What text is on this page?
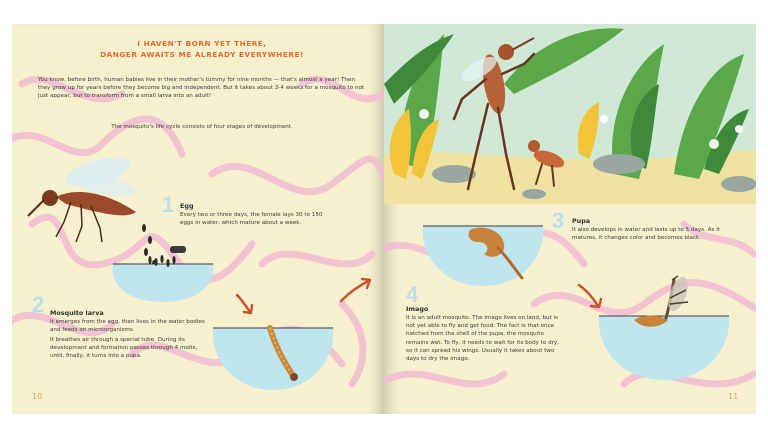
I HAVEN'T BORN YET THERE,
DANGER AWAITS ME ALREADY EVERYWHERE!
You know, before birth, human babies live in their mother's tummy for nine months — that's almost a year! Then they grow up for years before they become big and independent. But it takes about 3-4 weeks for a mosquito to not just appear, but to transform from a small larva into an adult!
The mosquito's life cycle consists of four stages of development.
1 Egg
Every two or three days, the female lays 30 to 150 eggs in water, which mature about a week.
2 Mosquito larva
It emerges from the egg, then lives in the water bodies and feeds on microorganisms.
It breathes air through a special tube. During its development and formation passes through 4 molts, until, finally, it turns into a pupa.
10
3 Pupa
It also develops in water and lasts up to 5 days. As it matures, it changes color and becomes black.
4
Imago
It is an adult mosquito. The imago lives on land, but is not yet able to fly and get food. The fact is that once hatched from the shell of the pupa, the mosquito remains wet. To fly, it needs to wait for its body to dry, so it can spread his wings. Usually it takes about two days to dry the imago.
11
